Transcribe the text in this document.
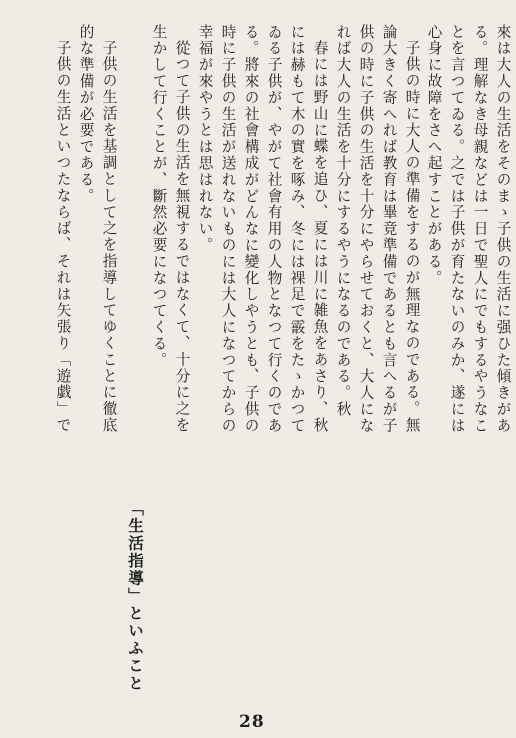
來は大人の生活をそのまゝ子供の生活に强ひた傾きがあ
る。理解なき母親などは一日で聖人にでもするやうなこ
とを言つてゐる。之では子供が育たないのみか、遂には
心身に故障をさへ起すことがある。
子供の時に大人の準備をするのが無理なのである。無
論大きく寄へれば教育は畢竟準備であるとも言へるが子
供の時に子供の生活を十分にやらせておくと、大人にな
れば大人の生活を十分にするやうになるのである。秋
春には野山に蝶を追ひ、夏には川に雑魚をあさり、秋
には赫もて木の實を啄み、冬には裸足で霰をたゝかつて
ゐる子供が、やがて社會有用の人物となつて行くのであ
る。將來の社會構成がどんなに變化しやうとも、子供の
時に子供の生活が送れないものには大人になつてからの
幸福が來やうとは思はれない。
從つて子供の生活を無視するではなくて、十分に之を
生かして行くことが、斷然必要になつてくる。
「生活指導」といふこと
子供の生活を基調として之を指導してゆくことに徹底
的な準備が必要である。
子供の生活といつたならば、それは矢張り「遊戯」で
28
